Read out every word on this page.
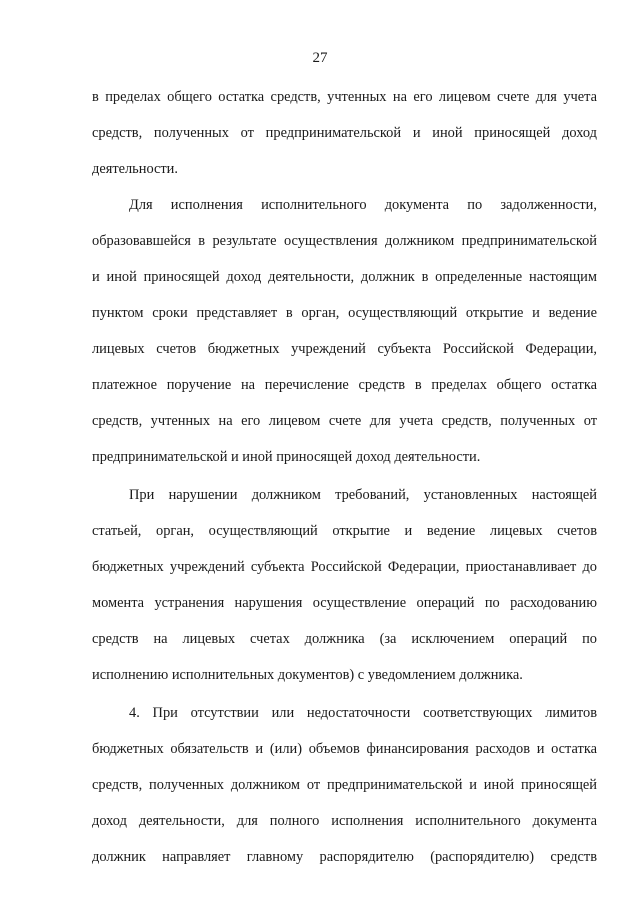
27
в пределах общего остатка средств, учтенных на его лицевом счете для учета
средств, полученных от предпринимательской и иной приносящей доход
деятельности.
Для исполнения исполнительного документа по задолженности,
образовавшейся в результате осуществления должником предпринимательской
и иной приносящей доход деятельности, должник в определенные настоящим
пунктом сроки представляет в орган, осуществляющий открытие и ведение
лицевых счетов бюджетных учреждений субъекта Российской Федерации,
платежное поручение на перечисление средств в пределах общего остатка
средств, учтенных на его лицевом счете для учета средств, полученных от
предпринимательской и иной приносящей доход деятельности.
При нарушении должником требований, установленных настоящей
статьей, орган, осуществляющий открытие и ведение лицевых счетов
бюджетных учреждений субъекта Российской Федерации, приостанавливает до
момента устранения нарушения осуществление операций по расходованию
средств на лицевых счетах должника (за исключением операций по
исполнению исполнительных документов) с уведомлением должника.
4. При отсутствии или недостаточности соответствующих лимитов
бюджетных обязательств и (или) объемов финансирования расходов и остатка
средств, полученных должником от предпринимательской и иной приносящей
доход деятельности, для полного исполнения исполнительного документа
должник направляет главному распорядителю (распорядителю) средств
